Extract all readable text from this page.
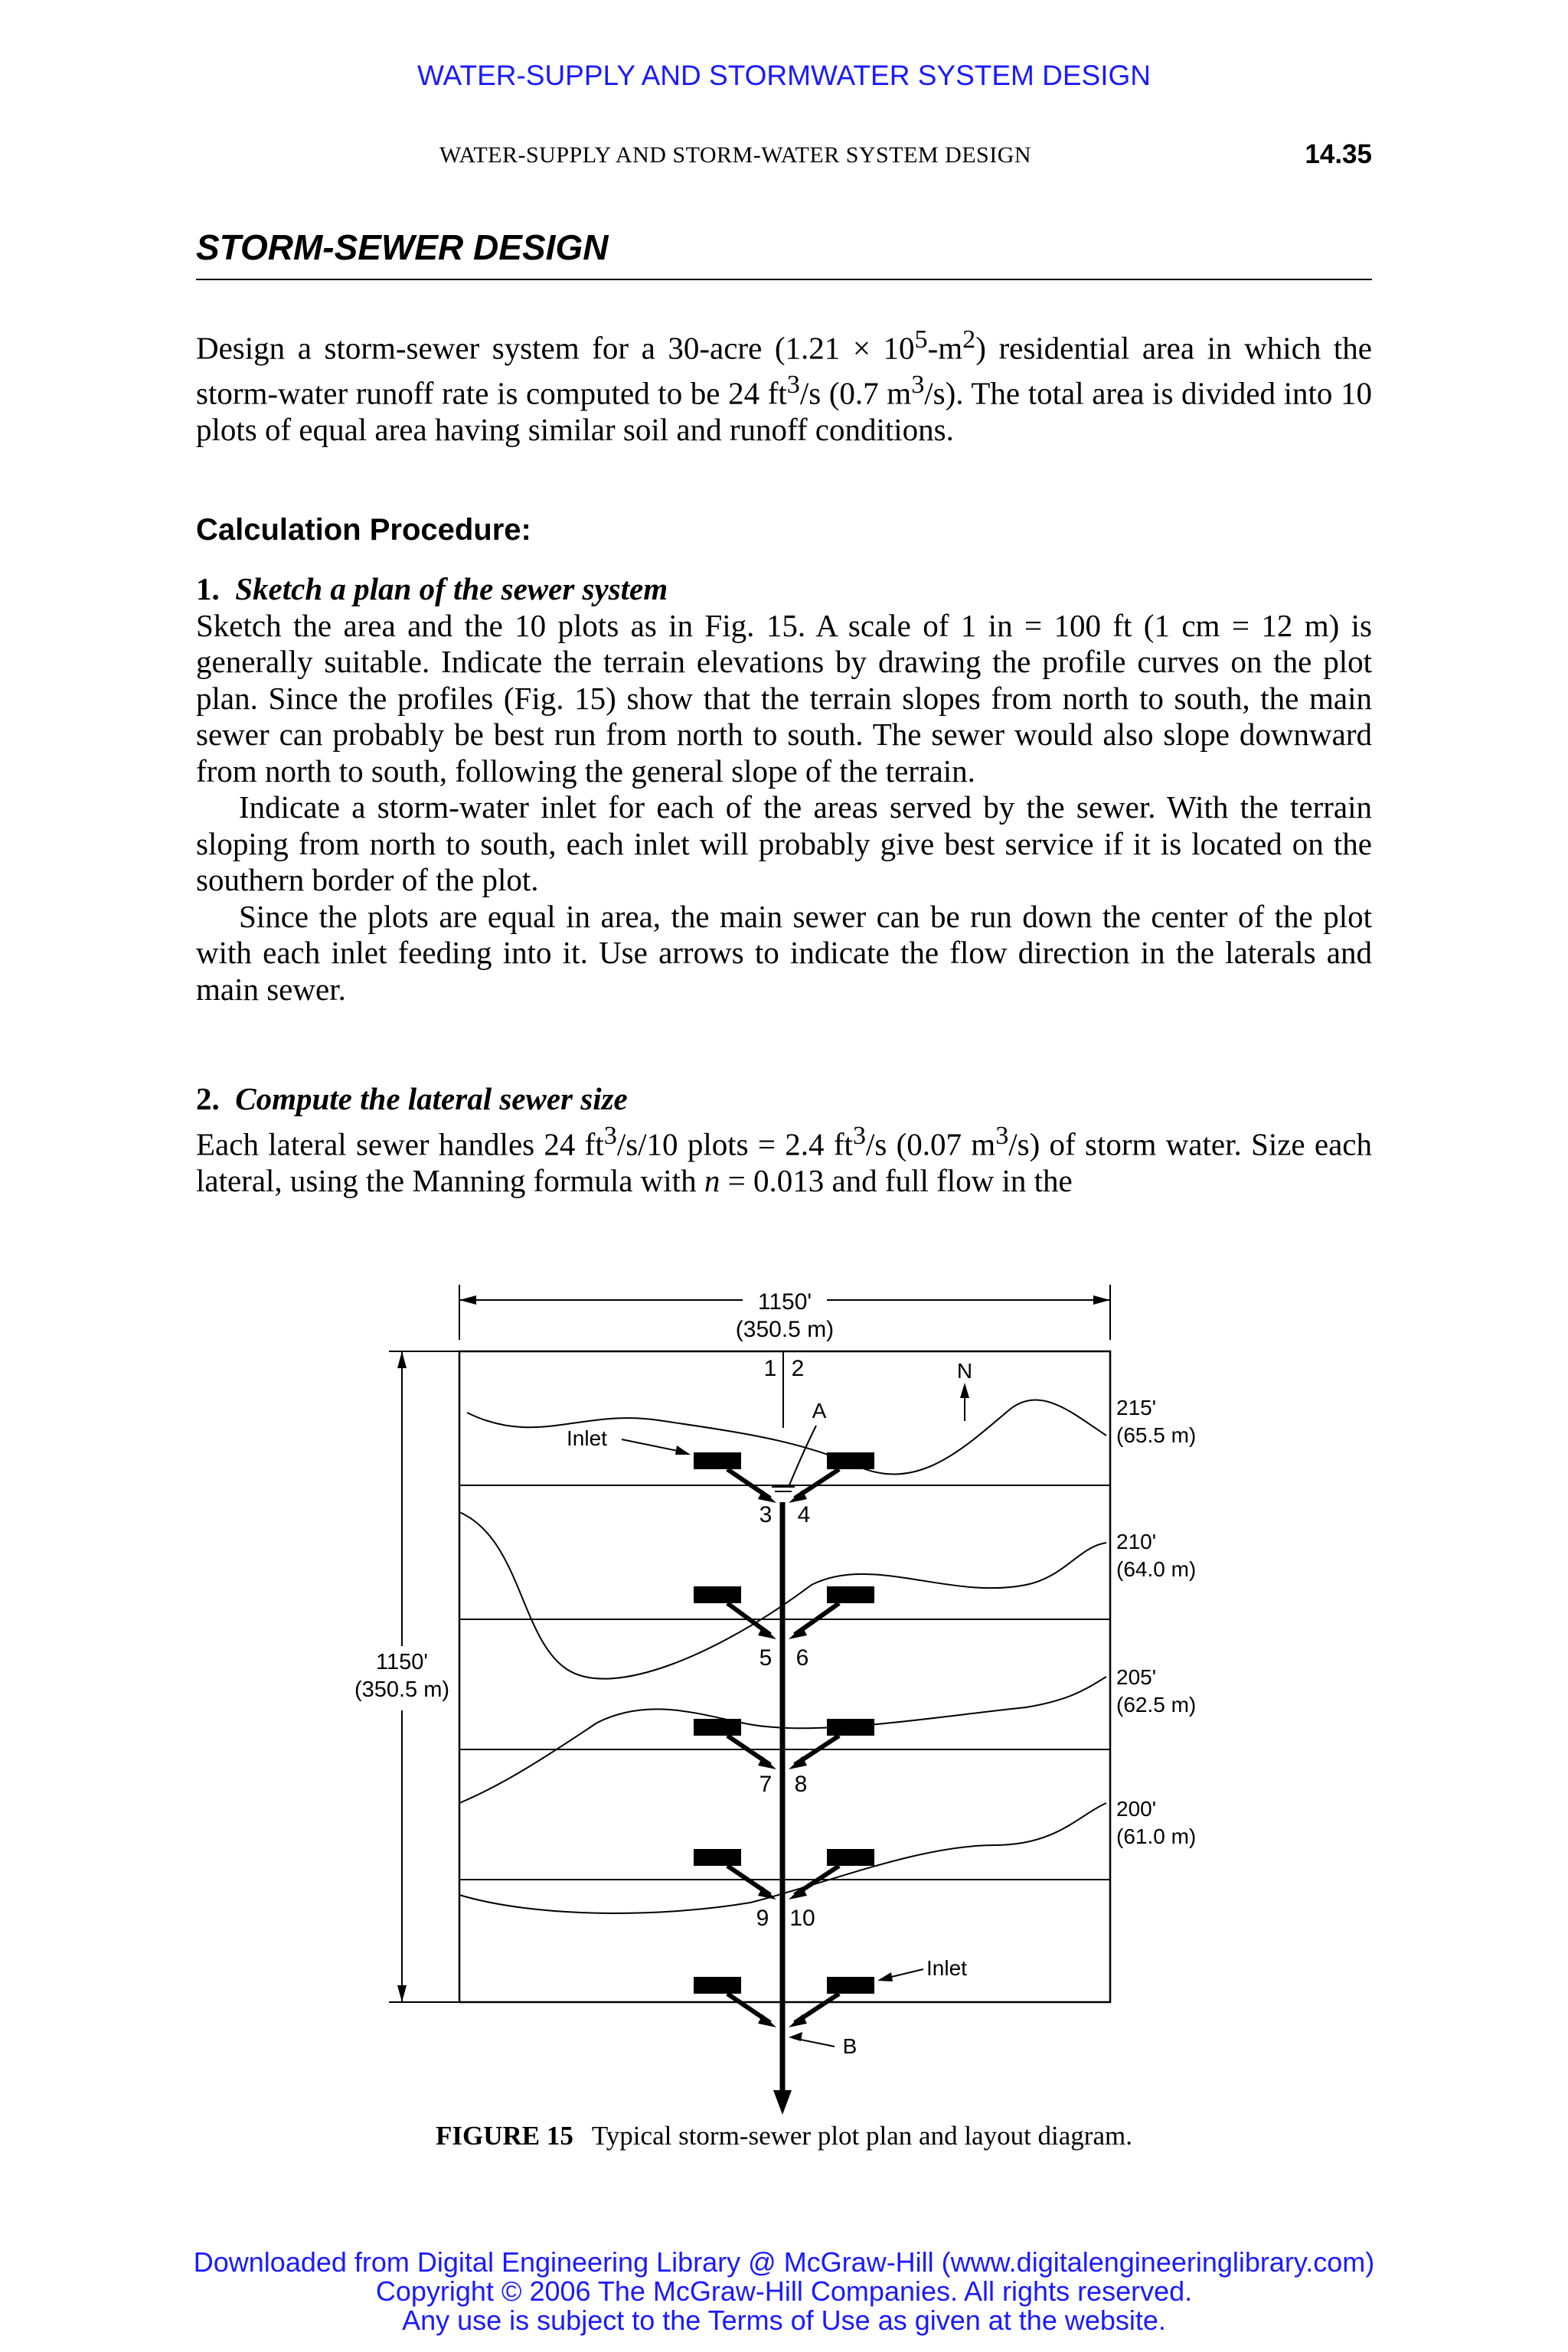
WATER-SUPPLY AND STORMWATER SYSTEM DESIGN
WATER-SUPPLY AND STORM-WATER SYSTEM DESIGN	14.35
STORM-SEWER DESIGN

Design a storm-sewer system for a 30-acre $(1.21 \times 10^5-m^2)$ residential area in which the storm-water runoff rate is computed to be 24 $ft^3/s$ (0.7 $m^3/s$). The total area is divided into 10 plots of equal area having similar soil and runoff conditions.

Calculation Procedure:

1. Sketch a plan of the sewer system

Sketch the area and the 10 plots as in Fig. 15. A scale of 1 in = 100 ft (1 cm = 12 m) is generally suitable. Indicate the terrain elevations by drawing the profile curves on the plot plan. Since the profiles (Fig. 15) show that the terrain slopes from north to south, the main sewer can probably be best run from north to south. The sewer would also slope downward from north to south, following the general slope of the terrain.

Indicate a storm-water inlet for each of the areas served by the sewer. With the terrain sloping from north to south, each inlet will probably give best service if it is located on the southern border of the plot.

Since the plots are equal in area, the main sewer can be run down the center of the plot with each inlet feeding into it. Use arrows to indicate the flow direction in the laterals and main sewer.

2. Compute the lateral sewer size

Each lateral sewer handles 24 $ft^3/s/10$ plots = 2.4 $ft^3/s$ (0.07 $m^3/s$) of storm water. Size each lateral, using the Manning formula with n = 0.013 and full flow in the

1150'
(350.5 m)
1150'
(350.5 m)
1 2
3 4
5 6
7 8
9 10
N
215'
(65.5 m)
210'
(64.0 m)
205'
(62.5 m)
200'
(61.0 m)
A
Inlet
Inlet
B
FIGURE 15 Typical storm-sewer plot plan and layout diagram.
Downloaded from Digital Engineering Library @ McGraw-Hill (www.digitalengineeringlibrary.com)
Copyright © 2006 The McGraw-Hill Companies. All rights reserved.
Any use is subject to the Terms of Use as given at the website.
